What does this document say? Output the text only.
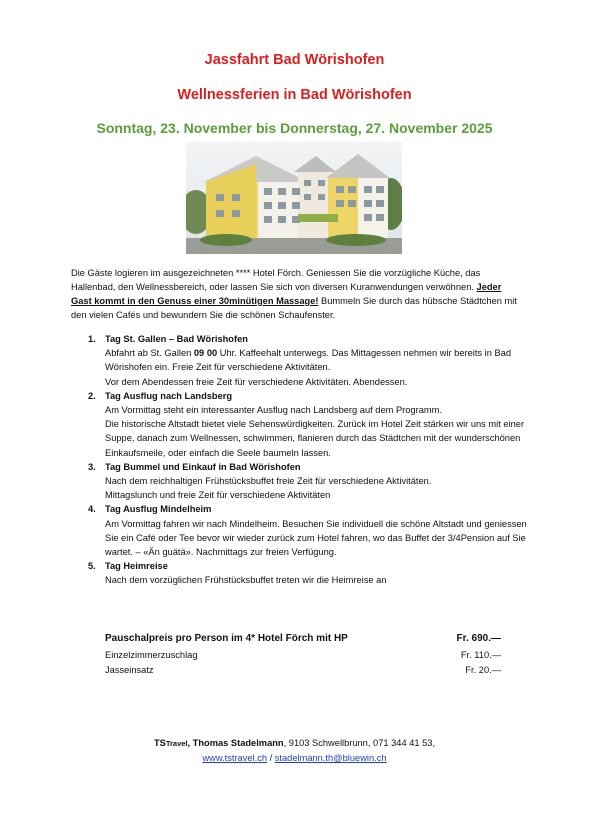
Jassfahrt Bad Wörishofen
Wellnessferien in Bad Wörishofen
Sonntag, 23. November bis Donnerstag, 27. November 2025
Die Gäste logieren im ausgezeichneten **** Hotel Förch. Geniessen Sie die vorzügliche Küche, das Hallenbad, den Wellnessbereich, oder lassen Sie sich von diversen Kuranwendungen verwöhnen. Jeder Gast kommt in den Genuss einer 30minütigen Massage! Bummeln Sie durch das hübsche Städtchen mit den vielen Cafés und bewundern Sie die schönen Schaufenster.
1. Tag St. Gallen – Bad Wörishofen
Abfahrt ab St. Gallen 09 00 Uhr. Kaffeehalt unterwegs. Das Mittagessen nehmen wir bereits in Bad Wörishofen ein. Freie Zeit für verschiedene Aktivitäten.
Vor dem Abendessen freie Zeit für verschiedene Aktivitäten. Abendessen.
2. Tag Ausflug nach Landsberg
Am Vormittag steht ein interessanter Ausflug nach Landsberg auf dem Programm.
Die historische Altstadt bietet viele Sehenswürdigkeiten. Zurück im Hotel Zeit stärken wir uns mit einer Suppe, danach zum Wellnessen, schwimmen, flanieren durch das Städtchen mit der wunderschönen Einkaufsmeile, oder einfach die Seele baumeln lassen.
3. Tag Bummel und Einkauf in Bad Wörishofen
Nach dem reichhaltigen Frühstücksbuffet freie Zeit für verschiedene Aktivitäten.
Mittagslunch und freie Zeit für verschiedene Aktivitäten
4. Tag Ausflug Mindelheim
Am Vormittag fahren wir nach Mindelheim. Besuchen Sie individuell die schöne Altstadt und geniessen Sie ein Café oder Tee bevor wir wieder zurück zum Hotel fahren, wo das Buffet der 3/4Pension auf Sie wartet. – «Än guätä». Nachmittags zur freien Verfügung.
5. Tag Heimreise
Nach dem vorzüglichen Frühstücksbuffet treten wir die Heimreise an
Pauschalpreis pro Person im 4* Hotel Förch mit HP	Fr. 690.—
Einzelzimmerzuschlag	Fr. 110.—
Jasseinsatz	Fr. 20.—
TSTravel, Thomas Stadelmann, 9103 Schwellbrunn, 071 344 41 53,
www.tstravel.ch / stadelmann.th@bluewin.ch
